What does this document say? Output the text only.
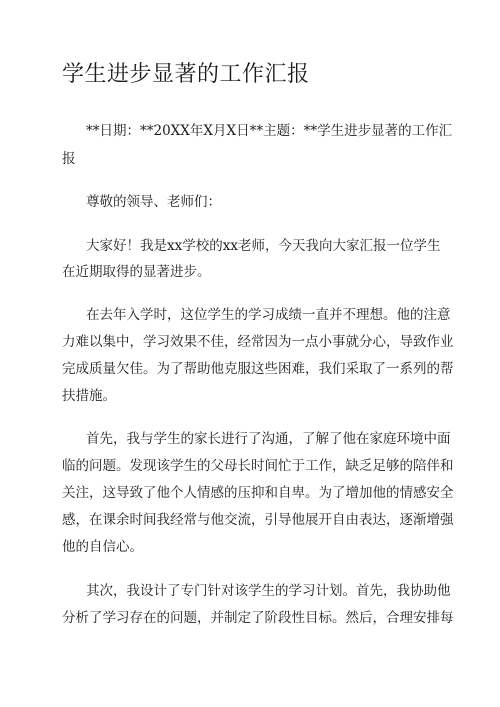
学生进步显著的工作汇报
**日期：**20XX年X月X日**主题：**学生进步显著的工作汇
报
尊敬的领导、老师们：
大家好！我是xx学校的xx老师，今天我向大家汇报一位学生
在近期取得的显著进步。
在去年入学时，这位学生的学习成绩一直并不理想。他的注意
力难以集中，学习效果不佳，经常因为一点小事就分心，导致作业
完成质量欠佳。为了帮助他克服这些困难，我们采取了一系列的帮
扶措施。
首先，我与学生的家长进行了沟通，了解了他在家庭环境中面
临的问题。发现该学生的父母长时间忙于工作，缺乏足够的陪伴和
关注，这导致了他个人情感的压抑和自卑。为了增加他的情感安全
感，在课余时间我经常与他交流，引导他展开自由表达，逐渐增强
他的自信心。
其次，我设计了专门针对该学生的学习计划。首先，我协助他
分析了学习存在的问题，并制定了阶段性目标。然后，合理安排每
